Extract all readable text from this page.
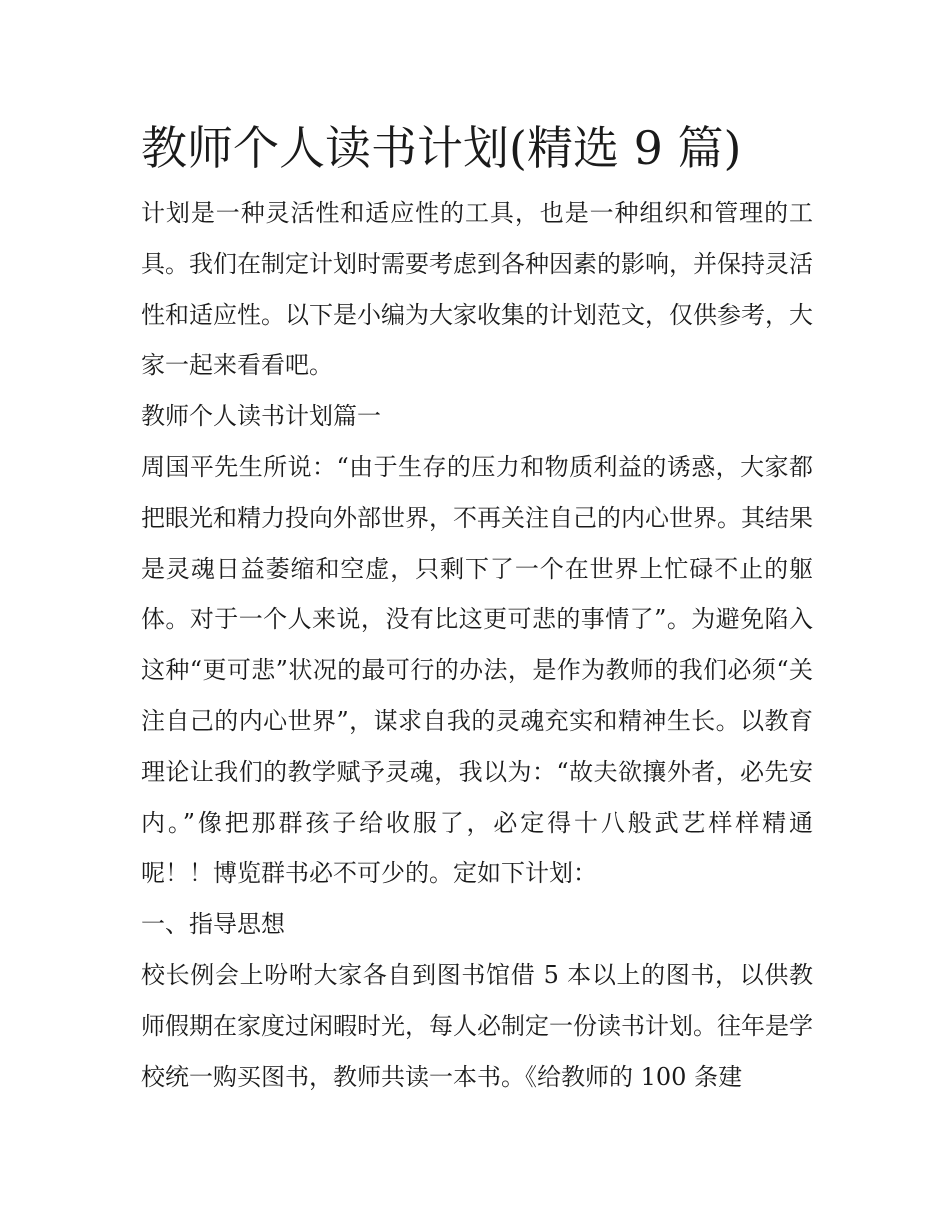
教师个人读书计划(精选 9 篇)

计划是一种灵活性和适应性的工具，也是一种组织和管理的工具。我们在制定计划时需要考虑到各种因素的影响，并保持灵活性和适应性。以下是小编为大家收集的计划范文，仅供参考，大家一起来看看吧。

教师个人读书计划篇一

周国平先生所说：“由于生存的压力和物质利益的诱惑，大家都把眼光和精力投向外部世界，不再关注自己的内心世界。其结果是灵魂日益萎缩和空虚，只剩下了一个在世界上忙碌不止的躯体。对于一个人来说，没有比这更可悲的事情了”。为避免陷入这种“更可悲”状况的最可行的办法，是作为教师的我们必须“关注自己的内心世界”，谋求自我的灵魂充实和精神生长。以教育理论让我们的教学赋予灵魂，我以为：“故夫欲攘外者，必先安内。”像把那群孩子给收服了，必定得十八般武艺样样精通呢！！博览群书必不可少的。定如下计划：

一、指导思想

校长例会上吩咐大家各自到图书馆借 5 本以上的图书，以供教师假期在家度过闲暇时光，每人必制定一份读书计划。往年是学校统一购买图书，教师共读一本书。《给教师的 100 条建
